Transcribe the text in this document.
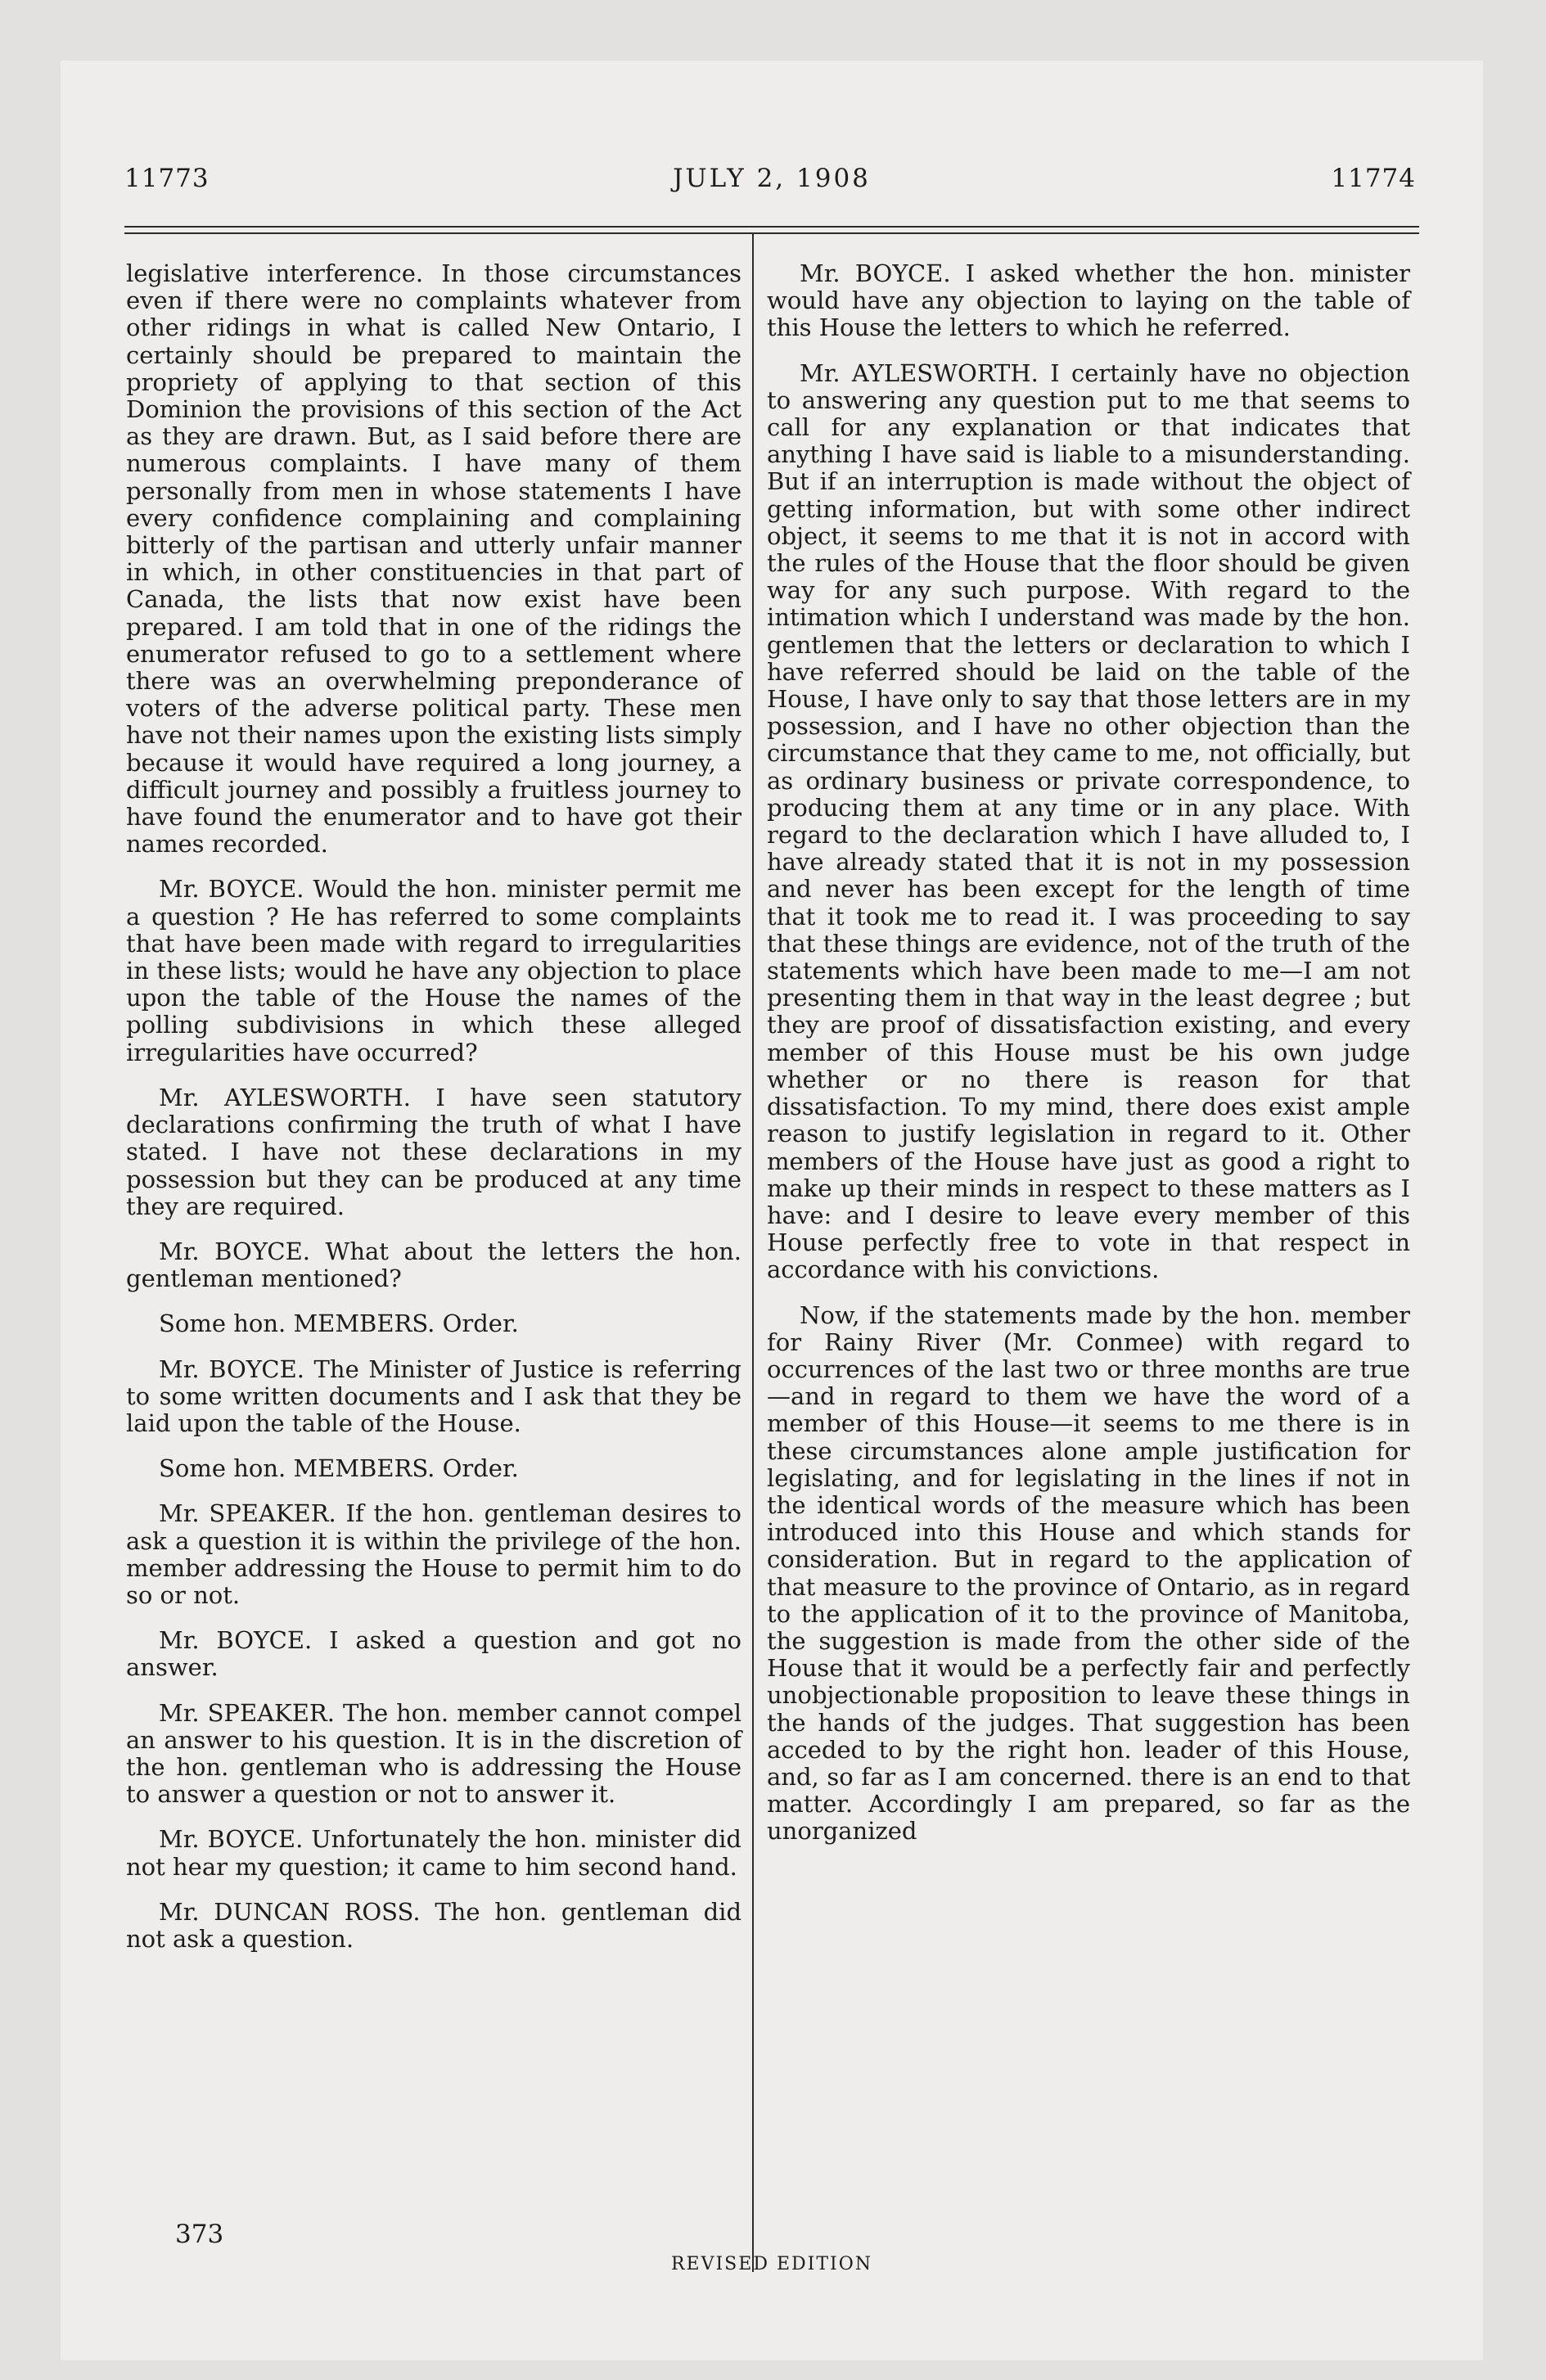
11773	JULY 2, 1908	11774
legislative interference. In those circumstances even if there were no complaints whatever from other ridings in what is called New Ontario, I certainly should be prepared to maintain the propriety of applying to that section of this Dominion the provisions of this section of the Act as they are drawn. But, as I said before there are numerous complaints. I have many of them personally from men in whose statements I have every confidence complaining and complaining bitterly of the partisan and utterly unfair manner in which, in other constituencies in that part of Canada, the lists that now exist have been prepared. I am told that in one of the ridings the enumerator refused to go to a settlement where there was an overwhelming preponderance of voters of the adverse political party. These men have not their names upon the existing lists simply because it would have required a long journey, a difficult journey and possibly a fruitless journey to have found the enumerator and to have got their names recorded.
Mr. BOYCE. Would the hon. minister permit me a question ? He has referred to some complaints that have been made with regard to irregularities in these lists; would he have any objection to place upon the table of the House the names of the polling subdivisions in which these alleged irregularities have occurred?
Mr. AYLESWORTH. I have seen statutory declarations confirming the truth of what I have stated. I have not these declarations in my possession but they can be produced at any time they are required.
Mr. BOYCE. What about the letters the hon. gentleman mentioned?
Some hon. MEMBERS. Order.
Mr. BOYCE. The Minister of Justice is referring to some written documents and I ask that they be laid upon the table of the House.
Some hon. MEMBERS. Order.
Mr. SPEAKER. If the hon. gentleman desires to ask a question it is within the privilege of the hon. member addressing the House to permit him to do so or not.
Mr. BOYCE. I asked a question and got no answer.
Mr. SPEAKER. The hon. member cannot compel an answer to his question. It is in the discretion of the hon. gentleman who is addressing the House to answer a question or not to answer it.
Mr. BOYCE. Unfortunately the hon. minister did not hear my question; it came to him second hand.
Mr. DUNCAN ROSS. The hon. gentleman did not ask a question.
Mr. BOYCE. I asked whether the hon. minister would have any objection to laying on the table of this House the letters to which he referred.
Mr. AYLESWORTH. I certainly have no objection to answering any question put to me that seems to call for any explanation or that indicates that anything I have said is liable to a misunderstanding. But if an interruption is made without the object of getting information, but with some other indirect object, it seems to me that it is not in accord with the rules of the House that the floor should be given way for any such purpose. With regard to the intimation which I understand was made by the hon. gentlemen that the letters or declaration to which I have referred should be laid on the table of the House, I have only to say that those letters are in my possession, and I have no other objection than the circumstance that they came to me, not officially, but as ordinary business or private correspondence, to producing them at any time or in any place. With regard to the declaration which I have alluded to, I have already stated that it is not in my possession and never has been except for the length of time that it took me to read it. I was proceeding to say that these things are evidence, not of the truth of the statements which have been made to me—I am not presenting them in that way in the least degree ; but they are proof of dissatisfaction existing, and every member of this House must be his own judge whether or no there is reason for that dissatisfaction. To my mind, there does exist ample reason to justify legislation in regard to it. Other members of the House have just as good a right to make up their minds in respect to these matters as I have: and I desire to leave every member of this House perfectly free to vote in that respect in accordance with his convictions.
Now, if the statements made by the hon. member for Rainy River (Mr. Conmee) with regard to occurrences of the last two or three months are true—and in regard to them we have the word of a member of this House—it seems to me there is in these circumstances alone ample justification for legislating, and for legislating in the lines if not in the identical words of the measure which has been introduced into this House and which stands for consideration. But in regard to the application of that measure to the province of Ontario, as in regard to the application of it to the province of Manitoba, the suggestion is made from the other side of the House that it would be a perfectly fair and perfectly unobjectionable proposition to leave these things in the hands of the judges. That suggestion has been acceded to by the right hon. leader of this House, and, so far as I am concerned. there is an end to that matter. Accordingly I am prepared, so far as the unorganized
373
REVISED EDITION
